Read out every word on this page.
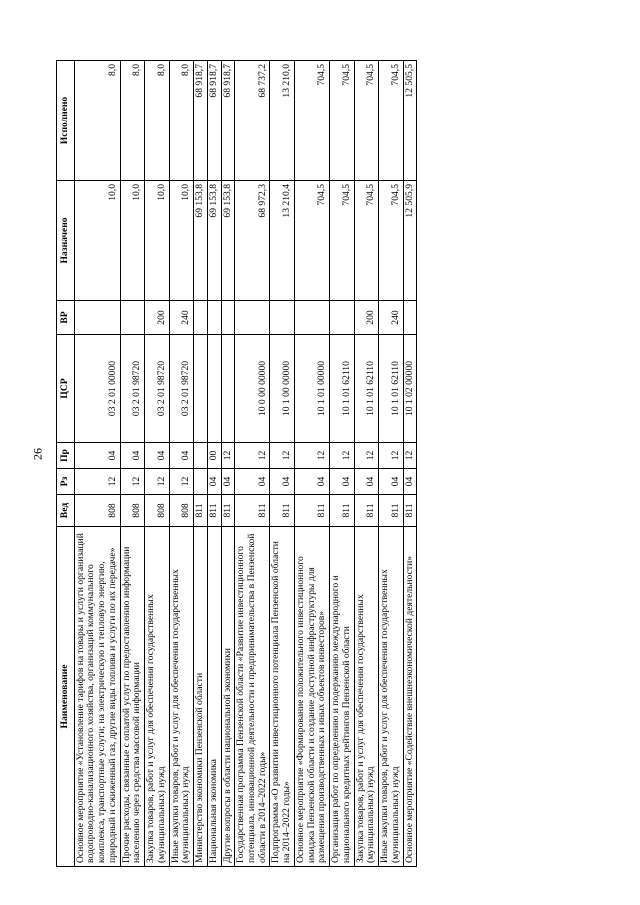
26
Наименование	Вед	Рз	Пр	ЦСР	ВР	Назначено	Исполнено
Основное мероприятие «Установление тарифов на товары и услуги организаций водопроводно-канализационного хозяйства, организаций коммунального комплекса, транспортные услуги; на электрическую и тепловую энергию, природный и сжиженный газ, другие виды топлива и услуги по их передаче»	808	12	04	03 2 01 00000		10,0	8,0
Прочие расходы, связанные с оплатой услуг по предоставлению информации населению через средства массовой информации	808	12	04	03 2 01 98720		10,0	8,0
Закупка товаров, работ и услуг для обеспечения государственных (муниципальных) нужд	808	12	04	03 2 01 98720	200	10,0	8,0
Иные закупки товаров, работ и услуг для обеспечения государственных (муниципальных) нужд	808	12	04	03 2 01 98720	240	10,0	8,0
Министерство экономики Пензенской области	811					69 153,8	68 918,7
Национальная экономика	811	04	00			69 153,8	68 918,7
Другие вопросы в области национальной экономики	811	04	12			69 153,8	68 918,7
Государственная программа Пензенской области «Развитие инвестиционного потенциала, инновационной деятельности и предпринимательства в Пензенской области в 2014–2022 годы»	811	04	12	10 0 00 00000		68 972,3	68 737,2
Подпрограмма «О развитии инвестиционного потенциала Пензенской области на 2014–2022 годы»	811	04	12	10 1 00 00000		13 210,4	13 210,0
Основное мероприятие «Формирование положительного инвестиционного имиджа Пензенской области и создание доступной инфраструктуры для размещения производственных и иных объектов инвесторов»	811	04	12	10 1 01 00000		704,5	704,5
Организация работ по определению и подержанию международного и национального кредитных рейтингов Пензенской области	811	04	12	10 1 01 62110		704,5	704,5
Закупка товаров, работ и услуг для обеспечения государственных (муниципальных) нужд	811	04	12	10 1 01 62110	200	704,5	704,5
Иные закупки товаров, работ и услуг для обеспечения государственных (муниципальных) нужд	811	04	12	10 1 01 62110	240	704,5	704,5
Основное мероприятие «Содействие внешнеэкономической деятельности»	811	04	12	10 1 02 00000		12 505,9	12 505,5
